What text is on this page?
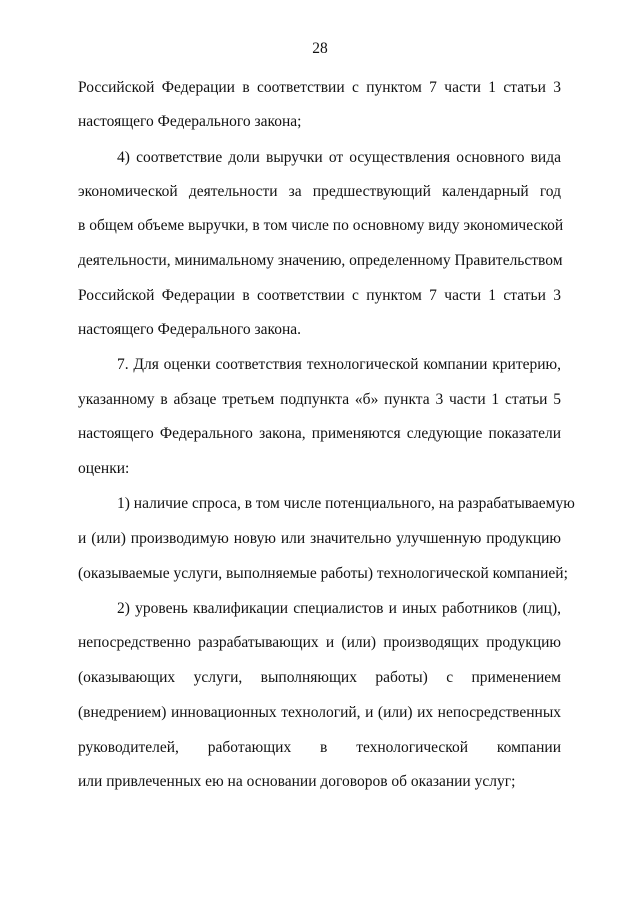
28
Российской Федерации в соответствии с пунктом 7 части 1 статьи 3
настоящего Федерального закона;
4) соответствие доли выручки от осуществления основного вида
экономической деятельности за предшествующий календарный год
в общем объеме выручки, в том числе по основному виду экономической
деятельности, минимальному значению, определенному Правительством
Российской Федерации в соответствии с пунктом 7 части 1 статьи 3
настоящего Федерального закона.
7. Для оценки соответствия технологической компании критерию,
указанному в абзаце третьем подпункта «б» пункта 3 части 1 статьи 5
настоящего Федерального закона, применяются следующие показатели
оценки:
1) наличие спроса, в том числе потенциального, на разрабатываемую
и (или) производимую новую или значительно улучшенную продукцию
(оказываемые услуги, выполняемые работы) технологической компанией;
2) уровень квалификации специалистов и иных работников (лиц),
непосредственно разрабатывающих и (или) производящих продукцию
(оказывающих услуги, выполняющих работы) с применением
(внедрением) инновационных технологий, и (или) их непосредственных
руководителей, работающих в технологической компании
или привлеченных ею на основании договоров об оказании услуг;
